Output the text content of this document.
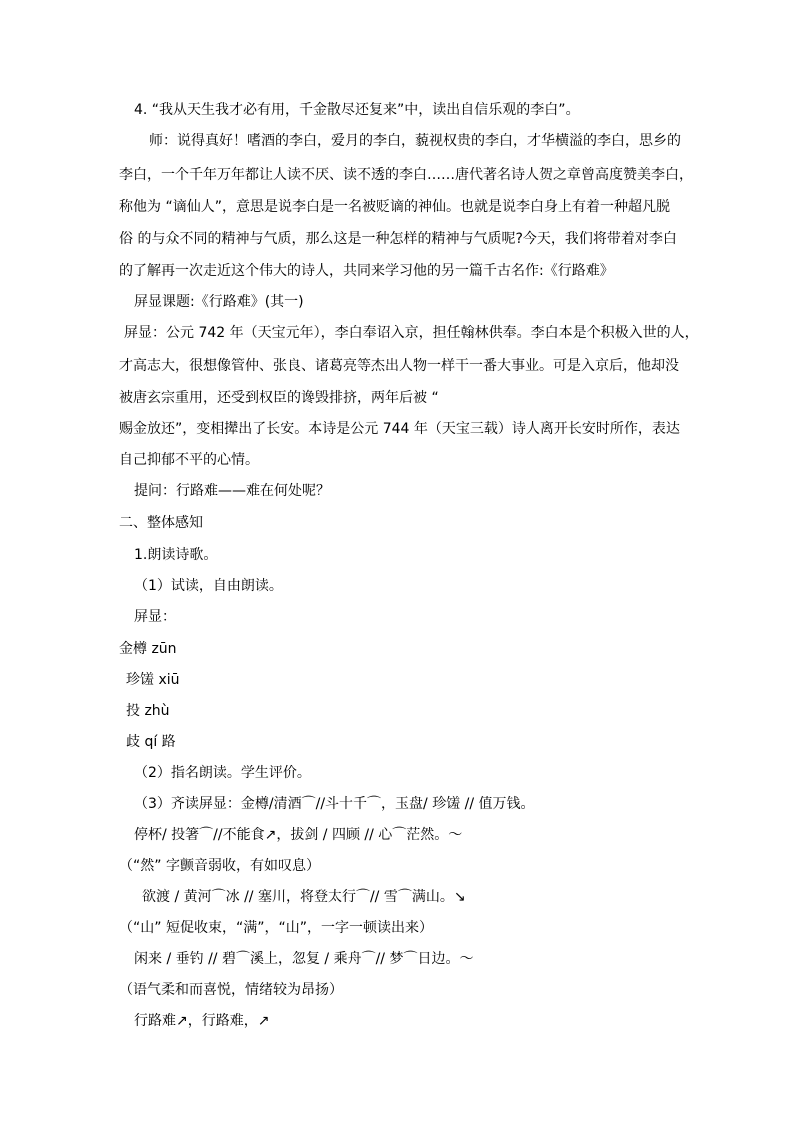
4. “我从天生我才必有用，千金散尽还复来”中，读出自信乐观的李白”。
师：说得真好！嗜酒的李白，爱月的李白，藐视权贵的李白，才华横溢的李白，思乡的
李白，一个千年万年都让人读不厌、读不透的李白……唐代著名诗人贺之章曾高度赞美李白，
称他为 “谪仙人”，意思是说李白是一名被贬谪的神仙。也就是说李白身上有着一种超凡脱
俗 的与众不同的精神与气质，那么这是一种怎样的精神与气质呢?今天，我们将带着对李白
的了解再一次走近这个伟大的诗人，共同来学习他的另一篇千古名作:《行路难》
屏显课题:《行路难》(其一)
屏显：公元 742 年（天宝元年），李白奉诏入京，担任翰林供奉。李白本是个积极入世的人，
才高志大，很想像管仲、张良、诸葛亮等杰出人物一样干一番大事业。可是入京后，他却没
被唐玄宗重用，还受到权臣的谗毁排挤，两年后被 “
赐金放还”，变相撵出了长安。本诗是公元 744 年（天宝三载）诗人离开长安时所作，表达
自己抑郁不平的心情。
提问：行路难——难在何处呢？
二、整体感知
1.朗读诗歌。
（1）试读，自由朗读。
屏显：
金樽 zūn
珍馐 xiū
投 zhù
歧 qí 路
（2）指名朗读。学生评价。
（3）齐读屏显：金樽/清酒⌒//斗十千⌒，玉盘/ 珍馐 // 值万钱。
停杯/ 投箸⌒//不能食↗，拔剑 / 四顾 // 心⌒茫然。～
（“然” 字颤音弱收，有如叹息）
欲渡 / 黄河⌒冰 // 塞川，将登太行⌒// 雪⌒满山。↘
（“山” 短促收束，“满”，“山”，一字一顿读出来）
闲来 / 垂钓 // 碧⌒溪上，忽复 / 乘舟⌒// 梦⌒日边。～
（语气柔和而喜悦，情绪较为昂扬）
行路难↗，行路难，↗
